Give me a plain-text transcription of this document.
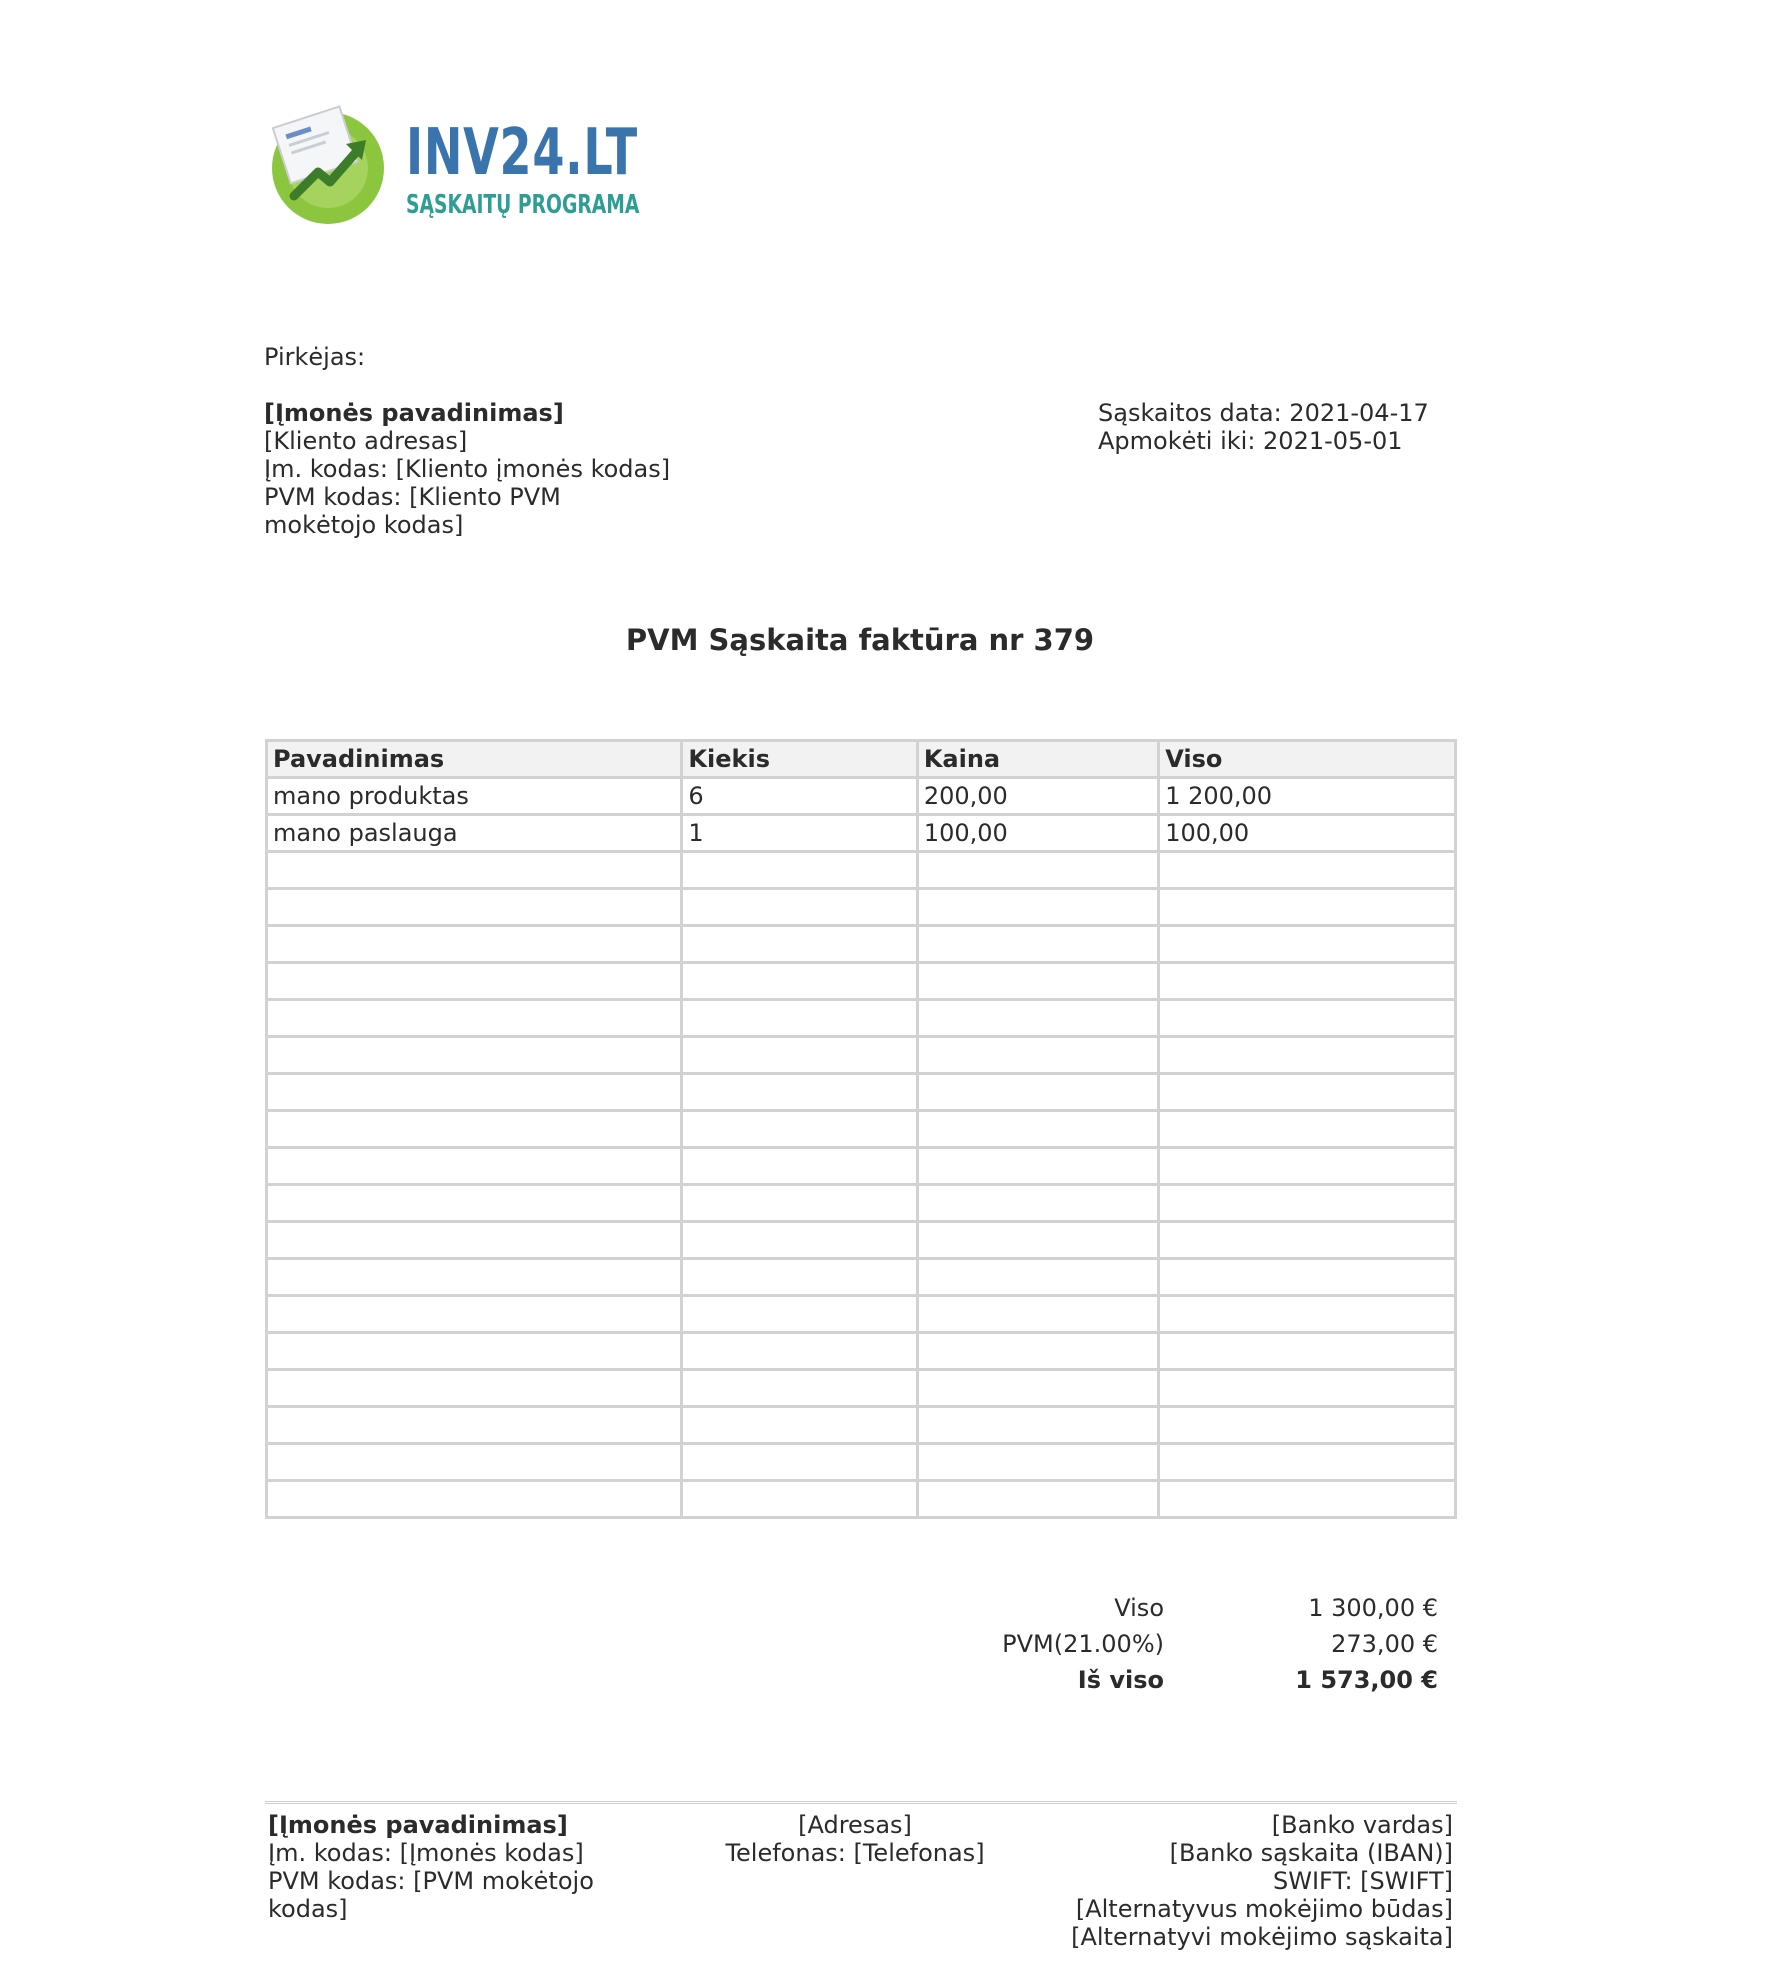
INV24.LT
SĄSKAITŲ PROGRAMA
Pirkėjas:
[Įmonės pavadinimas]
[Kliento adresas]
Įm. kodas: [Kliento įmonės kodas]
PVM kodas: [Kliento PVM
mokėtojo kodas]
Sąskaitos data: 2021-04-17
Apmokėti iki: 2021-05-01
PVM Sąskaita faktūra nr 379
Pavadinimas	Kiekis	Kaina	Viso
mano produktas	6	200,00	1 200,00
mano paslauga	1	100,00	100,00

Viso	1 300,00 €
PVM(21.00%)	273,00 €
Iš viso	1 573,00 €
[Įmonės pavadinimas]
Įm. kodas: [Įmonės kodas]
PVM kodas: [PVM mokėtojo
kodas]
[Adresas]
Telefonas: [Telefonas]
[Banko vardas]
[Banko sąskaita (IBAN)]
SWIFT: [SWIFT]
[Alternatyvus mokėjimo būdas]
[Alternatyvi mokėjimo sąskaita]
